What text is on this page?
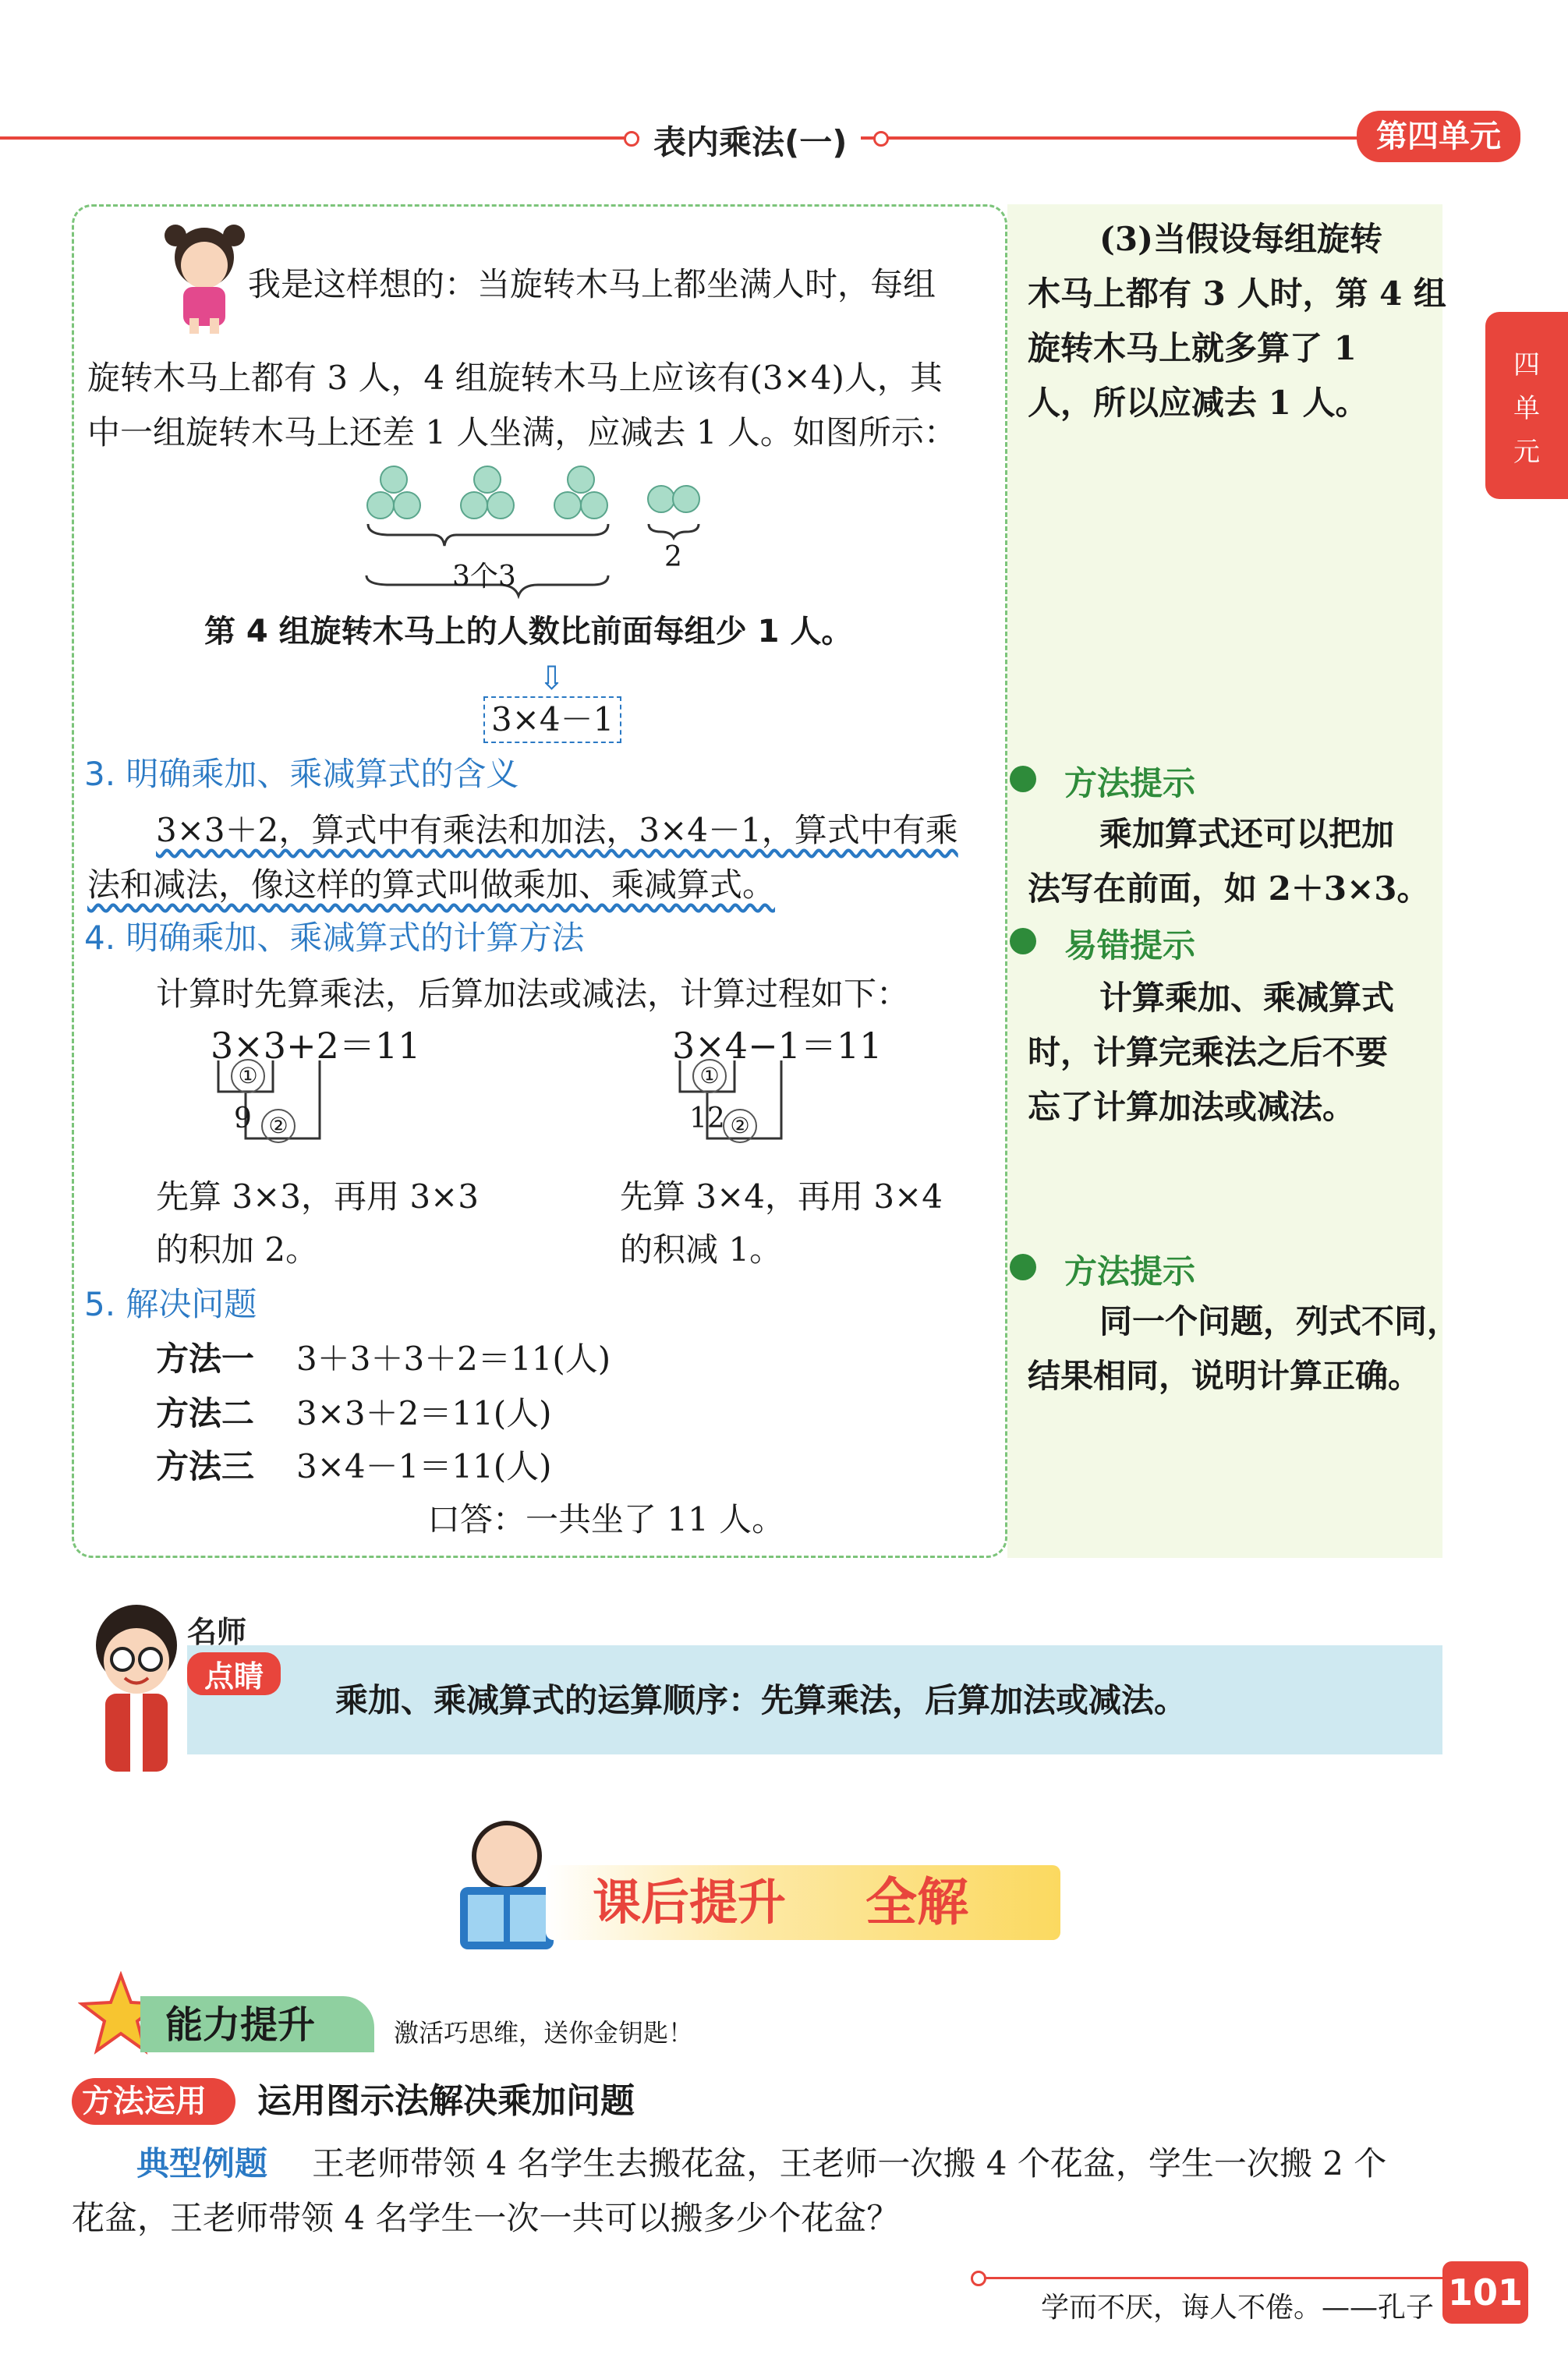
表内乘法(一)	第四单元
四单元
我是这样想的：当旋转木马上都坐满人时，每组
旋转木马上都有 3 人，4 组旋转木马上应该有(3×4)人，其
中一组旋转木马上还差 1 人坐满，应减去 1 人。如图所示：
3个3
2
第 4 组旋转木马上的人数比前面每组少 1 人。
⇩
3×4－1
3. 明确乘加、乘减算式的含义
3×3＋2，算式中有乘法和加法，3×4－1，算式中有乘
法和减法，像这样的算式叫做乘加、乘减算式。
4. 明确乘加、乘减算式的计算方法
计算时先算乘法，后算加法或减法，计算过程如下：
3×3+2＝11
①
9 ②
先算 3×3，再用 3×3
的积加 2。
3×4−1＝11
①
12 ②
先算 3×4，再用 3×4
的积减 1。
5. 解决问题
方法一 3＋3＋3＋2＝11(人)
方法二 3×3＋2＝11(人)
方法三 3×4－1＝11(人)
口答：一共坐了 11 人。
(3)当假设每组旋转
木马上都有 3 人时，第 4 组
旋转木马上就多算了 1
人，所以应减去 1 人。
方法提示
乘加算式还可以把加
法写在前面，如 2＋3×3。
易错提示
计算乘加、乘减算式
时，计算完乘法之后不要
忘了计算加法或减法。
方法提示
同一个问题，列式不同，
结果相同，说明计算正确。
名师
点睛
乘加、乘减算式的运算顺序：先算乘法，后算加法或减法。
课后提升 全解
能力提升	激活巧思维，送你金钥匙！
方法运用 运用图示法解决乘加问题
典型例题 王老师带领 4 名学生去搬花盆，王老师一次搬 4 个花盆，学生一次搬 2 个
花盆，王老师带领 4 名学生一次一共可以搬多少个花盆？
学而不厌，诲人不倦。——孔子 101
